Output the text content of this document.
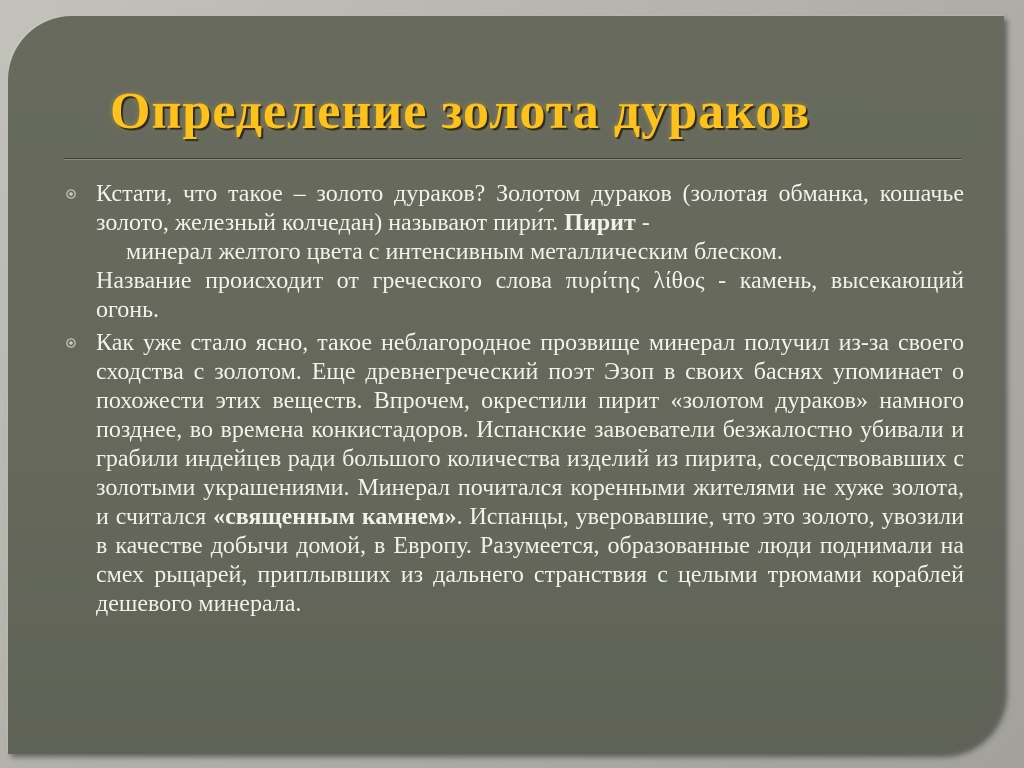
Определение золота дураков
Кстати, что такое – золото дураков? Золотом дураков (золотая обманка, кошачье золото, железный колчедан) называют пири́т. Пирит -
минерал желтого цвета с интенсивным металлическим блеском.
Название происходит от греческого слова πυρίτης λίθος - камень, высекающий огонь.
Как уже стало ясно, такое неблагородное прозвище минерал получил из-за своего сходства с золотом. Еще древнегреческий поэт Эзоп в своих баснях упоминает о похожести этих веществ. Впрочем, окрестили пирит «золотом дураков» намного позднее, во времена конкистадоров. Испанские завоеватели безжалостно убивали и грабили индейцев ради большого количества изделий из пирита, соседствовавших с золотыми украшениями. Минерал почитался коренными жителями не хуже золота, и считался «священным камнем». Испанцы, уверовавшие, что это золото, увозили в качестве добычи домой, в Европу. Разумеется, образованные люди поднимали на смех рыцарей, приплывших из дальнего странствия с целыми трюмами кораблей дешевого минерала.
